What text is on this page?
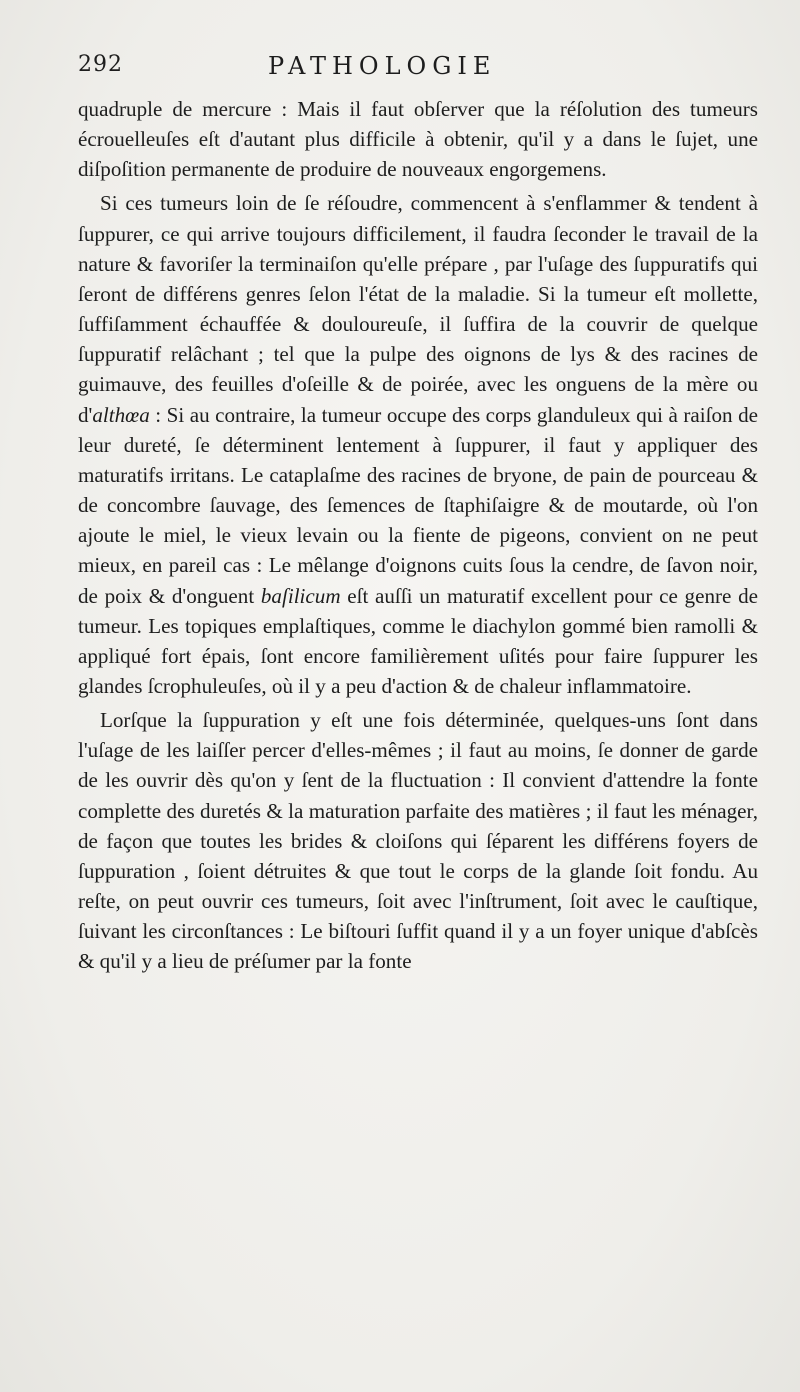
292	PATHOLOGIE

quadruple de mercure : Mais il faut obſerver que la réſolution des tumeurs écrouelleuſes eſt d'autant plus difficile à obtenir, qu'il y a dans le ſujet, une diſpoſition permanente de produire de nouveaux engorgemens.

Si ces tumeurs loin de ſe réſoudre, commencent à s'enflammer & tendent à ſuppurer, ce qui arrive toujours difficilement, il faudra ſeconder le travail de la nature & favoriſer la terminaiſon qu'elle prépare , par l'uſage des ſuppuratifs qui ſeront de différens genres ſelon l'état de la maladie. Si la tumeur eſt mollette, ſuffiſamment échauffée & douloureuſe, il ſuffira de la couvrir de quelque ſuppuratif relâchant ; tel que la pulpe des oignons de lys & des racines de guimauve, des feuilles d'oſeille & de poirée, avec les onguens de la mère ou d'althœa : Si au contraire, la tumeur occupe des corps glanduleux qui à raiſon de leur dureté, ſe déterminent lentement à ſuppurer, il faut y appliquer des maturatifs irritans. Le cataplaſme des racines de bryone, de pain de pourceau & de concombre ſauvage, des ſemences de ſtaphiſaigre & de moutarde, où l'on ajoute le miel, le vieux levain ou la fiente de pigeons, convient on ne peut mieux, en pareil cas : Le mêlange d'oignons cuits ſous la cendre, de ſavon noir, de poix & d'onguent baſilicum eſt auſſi un maturatif excellent pour ce genre de tumeur. Les topiques emplaſtiques, comme le diachylon gommé bien ramolli & appliqué fort épais, ſont encore familièrement uſités pour faire ſuppurer les glandes ſcrophuleuſes, où il y a peu d'action & de chaleur inflammatoire.

Lorſque la ſuppuration y eſt une fois déterminée, quelques-uns ſont dans l'uſage de les laiſſer percer d'elles-mêmes ; il faut au moins, ſe donner de garde de les ouvrir dès qu'on y ſent de la fluctuation : Il convient d'attendre la fonte complette des duretés & la maturation parfaite des matières ; il faut les ménager, de façon que toutes les brides & cloiſons qui ſéparent les différens foyers de ſuppuration , ſoient détruites & que tout le corps de la glande ſoit fondu. Au reſte, on peut ouvrir ces tumeurs, ſoit avec l'inſtrument, ſoit avec le cauſtique, ſuivant les circonſtances : Le biſtouri ſuffit quand il y a un foyer unique d'abſcès & qu'il y a lieu de préſumer par la fonte
